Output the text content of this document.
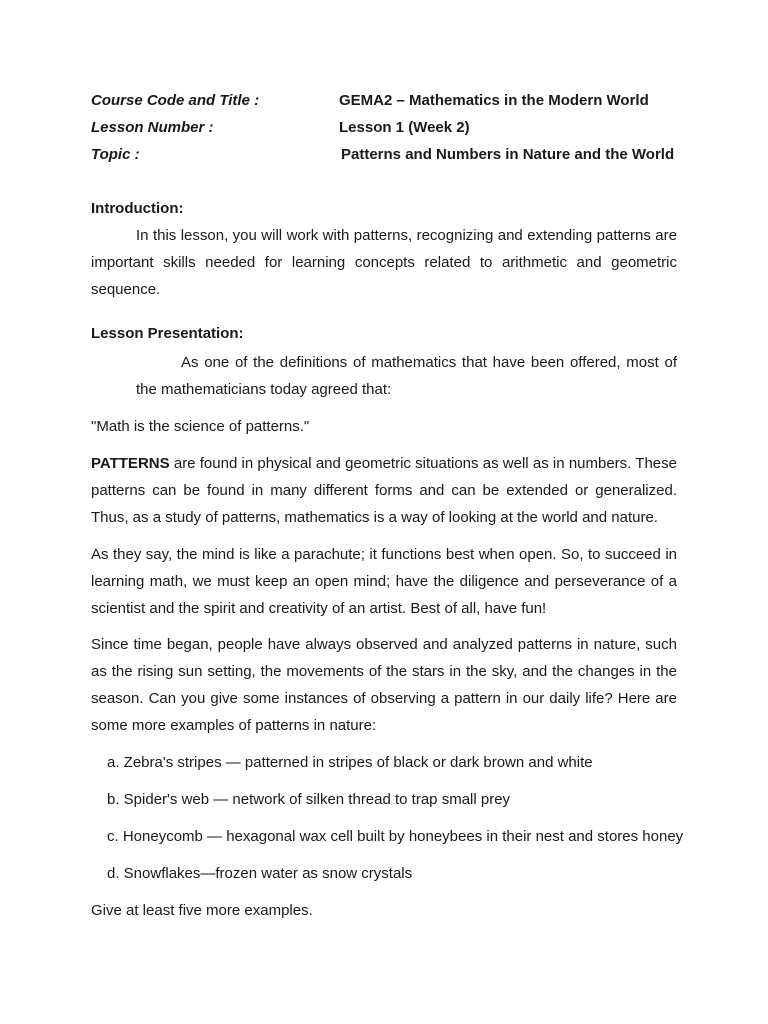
Course Code and Title :	GEMA2 – Mathematics in the Modern World
Lesson Number :	Lesson 1 (Week 2)
Topic :	Patterns and Numbers in Nature and the World
Introduction:
In this lesson, you will work with patterns, recognizing and extending patterns are important skills needed for learning concepts related to arithmetic and geometric sequence.
Lesson Presentation:
As one of the definitions of mathematics that have been offered, most of the mathematicians today agreed that:
"Math is the science of patterns."
PATTERNS are found in physical and geometric situations as well as in numbers. These patterns can be found in many different forms and can be extended or generalized. Thus, as a study of patterns, mathematics is a way of looking at the world and nature.
As they say, the mind is like a parachute; it functions best when open. So, to succeed in learning math, we must keep an open mind; have the diligence and perseverance of a scientist and the spirit and creativity of an artist. Best of all, have fun!
Since time began, people have always observed and analyzed patterns in nature, such as the rising sun setting, the movements of the stars in the sky, and the changes in the season. Can you give some instances of observing a pattern in our daily life? Here are some more examples of patterns in nature:
a. Zebra's stripes — patterned in stripes of black or dark brown and white
b. Spider's web — network of silken thread to trap small prey
c. Honeycomb — hexagonal wax cell built by honeybees in their nest and stores honey
d. Snowflakes—frozen water as snow crystals
Give at least five more examples.
